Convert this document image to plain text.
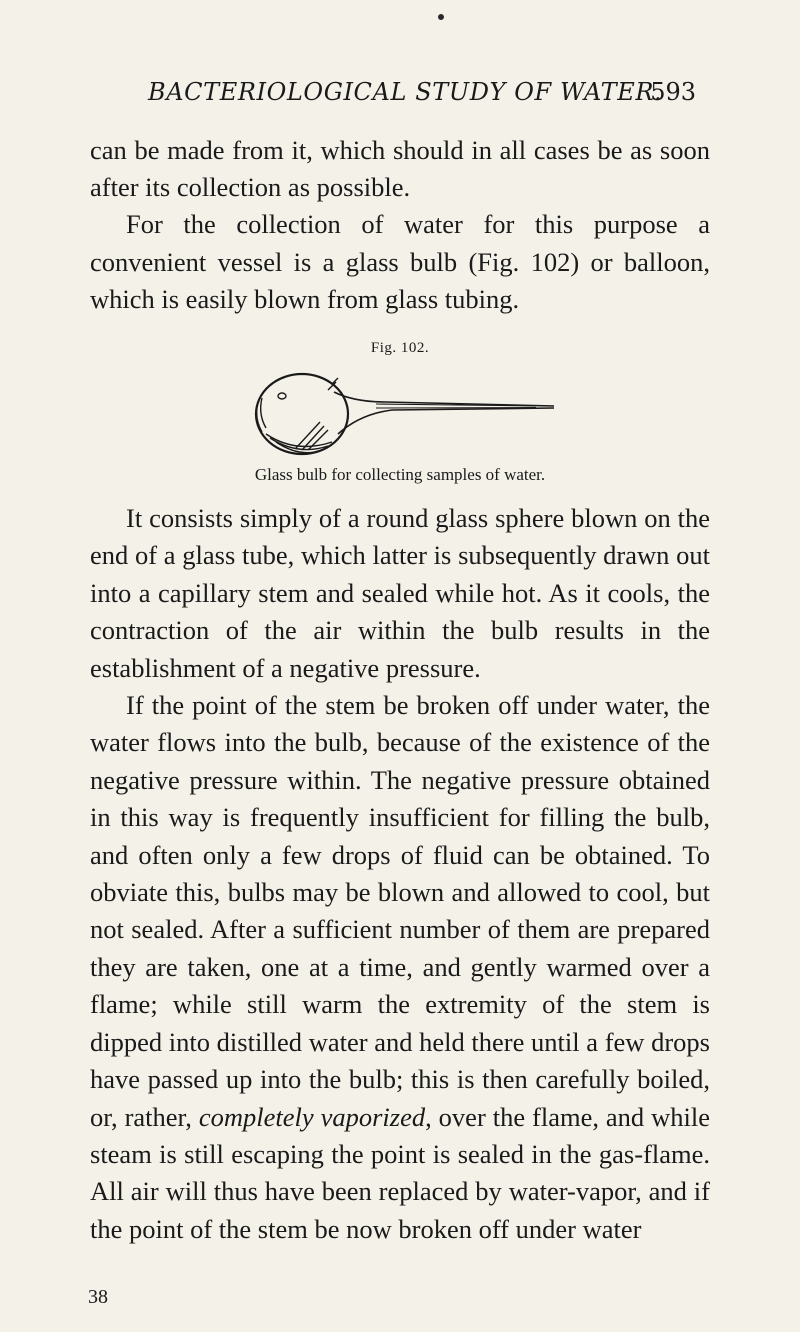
BACTERIOLOGICAL STUDY OF WATER.
593

can be made from it, which should in all cases be as soon after its collection as possible.

For the collection of water for this purpose a convenient vessel is a glass bulb (Fig. 102) or balloon, which is easily blown from glass tubing.

Fig. 102.
Glass bulb for collecting samples of water.

It consists simply of a round glass sphere blown on the end of a glass tube, which latter is subsequently drawn out into a capillary stem and sealed while hot. As it cools, the contraction of the air within the bulb results in the establishment of a negative pressure.

If the point of the stem be broken off under water, the water flows into the bulb, because of the existence of the negative pressure within. The negative pressure obtained in this way is frequently insufficient for filling the bulb, and often only a few drops of fluid can be obtained. To obviate this, bulbs may be blown and allowed to cool, but not sealed. After a sufficient number of them are prepared they are taken, one at a time, and gently warmed over a flame; while still warm the extremity of the stem is dipped into distilled water and held there until a few drops have passed up into the bulb; this is then carefully boiled, or, rather, completely vaporized, over the flame, and while steam is still escaping the point is sealed in the gas-flame. All air will thus have been replaced by water-vapor, and if the point of the stem be now broken off under water

38
